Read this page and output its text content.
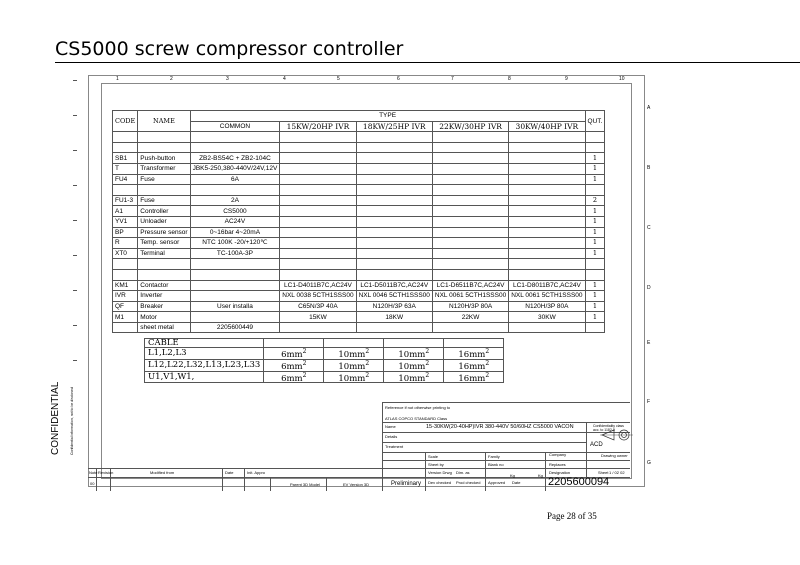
CS5000 screw compressor controller
1	2	3	4	5	6	7	8	9	10
A
B
C
D
E
F
G
CODE	NAME	TYPE					QUT.
		COMMON	15KW/20HP IVR	18KW/25HP IVR	22KW/30HP IVR	30KW/40HP IVR	

SB1	Push-button	ZB2-BS54C + ZB2-104C					1
T	Transformer	JBK5-250,380-440V/24V,12V					1
FU4	Fuse	6A					1

FU1-3	Fuse	2A					2
A1	Controller	CS5000					1
YV1	Unloader	AC24V					1
BP	Pressure sensor	0~16bar 4~20mA					1
R	Temp. sensor	NTC 100K -20/+120℃					1
XT0	Terminal	TC-100A-3P					1

KM1	Contactor		LC1-D4011B7C,AC24V	LC1-D5011B7C,AC24V	LC1-D6511B7C,AC24V	LC1-D8011B7C,AC24V	1
IVR	Inverter		NXL 0038 5CTH1SSS00	NXL 0046 5CTH1SSS00	NXL 0061 5CTH1SSS00	NXL 0061 5CTH1SSS00	1
QF	Breaker	User installa	C65N/3P 40A	N120H/3P 63A	N120H/3P 80A	N120H/3P 80A	1
M1	Motor		15KW	18KW	22KW	30KW	1
	sheet metal	2205600449					
CABLE				
L1,L2,L3	$6mm^2$	$10mm^2$	$10mm^2$	$16mm^2$
L12,L22,L32,L13,L23,L33	$6mm^2$	$10mm^2$	$10mm^2$	$16mm^2$
U1,V1,W1,	$6mm^2$	$10mm^2$	$10mm^2$	$16mm^2$
Reference if not otherwise printing to
ATLAS COPCO STANDARD Class
Name	15-30KW(20-40HP)IVR 380-440V 50/60HZ CS5000 VACON	Confidentiality class acc. to 1182-5
Details
Treatment
Company
ACD
Drawing owner
Scale	Family
Sheet by	Blank no	Replaces
Version Drwg Dim. as	Designation	Sheet 1 / 02 02
Kg	Kg
Preliminary Dev checked Prod checked Approved Date	2205600094
Parent 3D Model	EV Version 3D
Note Revision	Modified from	Date	Init. Appro
00
CONFIDENTIAL	Confidential information, not to be disclosed
Page 28 of 35
